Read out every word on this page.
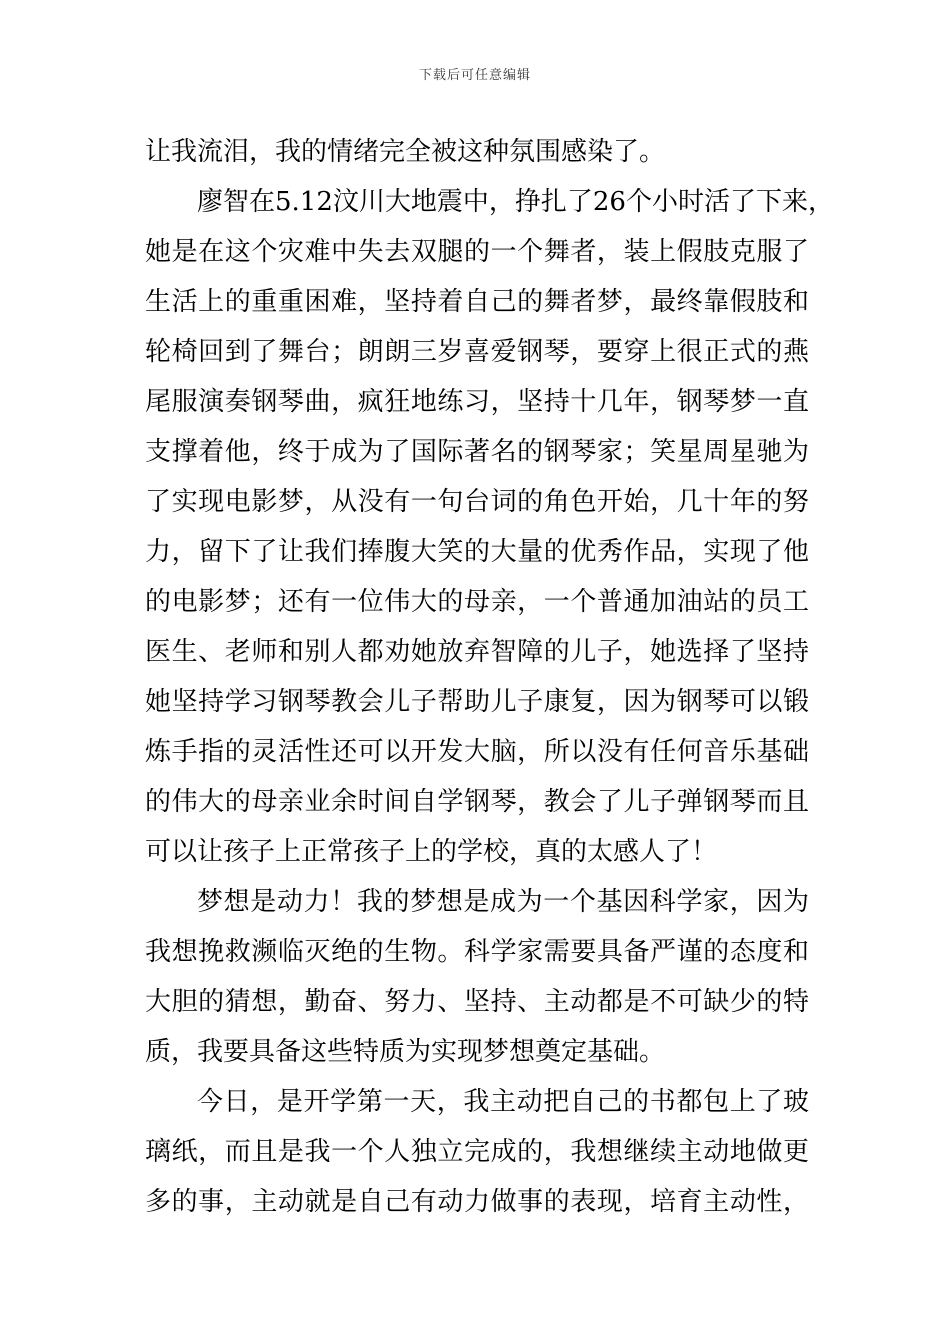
下载后可任意编辑
让我流泪，我的情绪完全被这种氛围感染了。
廖智在5.12汶川大地震中，挣扎了26个小时活了下来，
她是在这个灾难中失去双腿的一个舞者，装上假肢克服了
生活上的重重困难，坚持着自己的舞者梦，最终靠假肢和
轮椅回到了舞台；朗朗三岁喜爱钢琴，要穿上很正式的燕
尾服演奏钢琴曲，疯狂地练习，坚持十几年，钢琴梦一直
支撑着他，终于成为了国际著名的钢琴家；笑星周星驰为
了实现电影梦，从没有一句台词的角色开始，几十年的努
力，留下了让我们捧腹大笑的大量的优秀作品，实现了他
的电影梦；还有一位伟大的母亲，一个普通加油站的员工
医生、老师和别人都劝她放弃智障的儿子，她选择了坚持
她坚持学习钢琴教会儿子帮助儿子康复，因为钢琴可以锻
炼手指的灵活性还可以开发大脑，所以没有任何音乐基础
的伟大的母亲业余时间自学钢琴，教会了儿子弹钢琴而且
可以让孩子上正常孩子上的学校，真的太感人了！
梦想是动力！我的梦想是成为一个基因科学家，因为
我想挽救濒临灭绝的生物。科学家需要具备严谨的态度和
大胆的猜想，勤奋、努力、坚持、主动都是不可缺少的特
质，我要具备这些特质为实现梦想奠定基础。
今日，是开学第一天，我主动把自己的书都包上了玻
璃纸，而且是我一个人独立完成的，我想继续主动地做更
多的事，主动就是自己有动力做事的表现，培育主动性，
